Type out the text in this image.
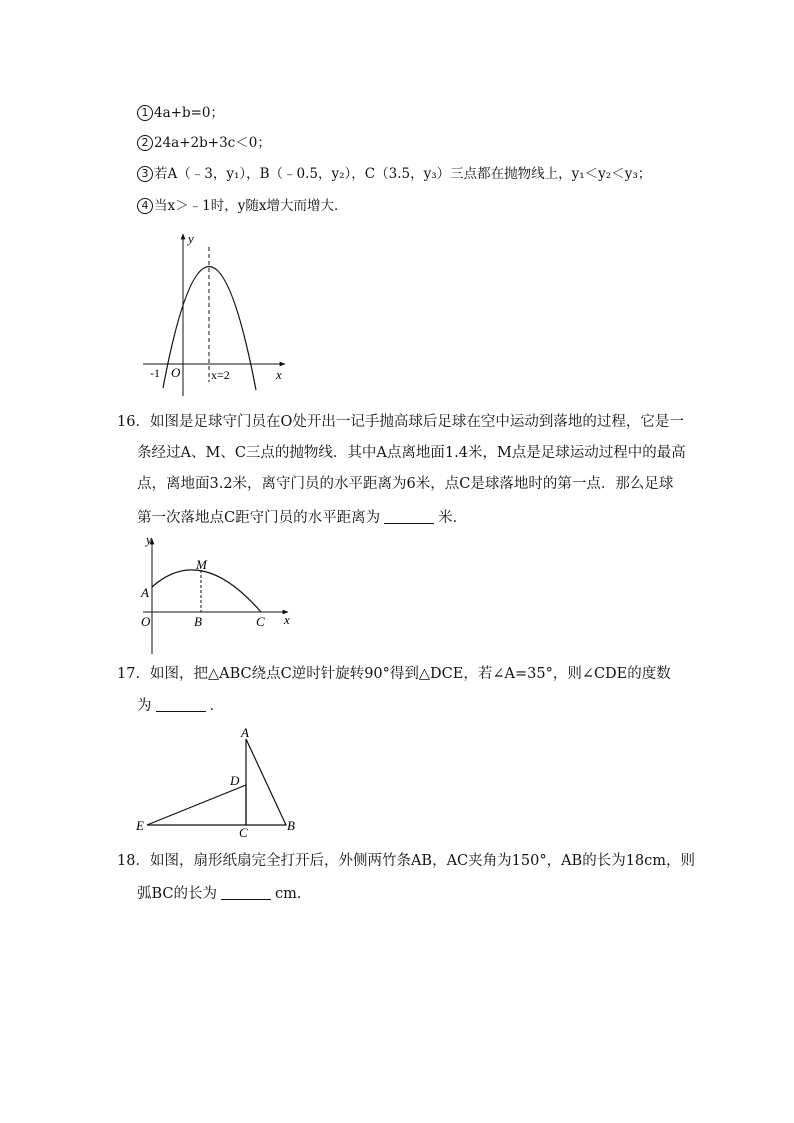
1 4a+b=0；
2 24a+2b+3c＜0；
3 若A（﹣3，y₁），B（﹣0.5，y₂），C（3.5，y₃）三点都在抛物线上，y₁＜y₂＜y₃；
4 当x＞﹣1时，y随x增大而增大．
y
x
O
-1	x=2
16．如图是足球守门员在O处开出一记手抛高球后足球在空中运动到落地的过程，它是一
条经过A、M、C三点的抛物线．其中A点离地面1.4米，M点是足球运动过程中的最高
点，离地面3.2米，离守门员的水平距离为6米，点C是球落地时的第一点．那么足球
第一次落地点C距守门员的水平距离为	米．
y
x
O
A
M
B	C
17．如图，把△ABC绕点C逆时针旋转90°得到△DCE，若∠A=35°，则∠CDE的度数
为	．
A
D
E	C	B
18．如图，扇形纸扇完全打开后，外侧两竹条AB，AC夹角为150°，AB的长为18cm，则
弧BC的长为	cm．
